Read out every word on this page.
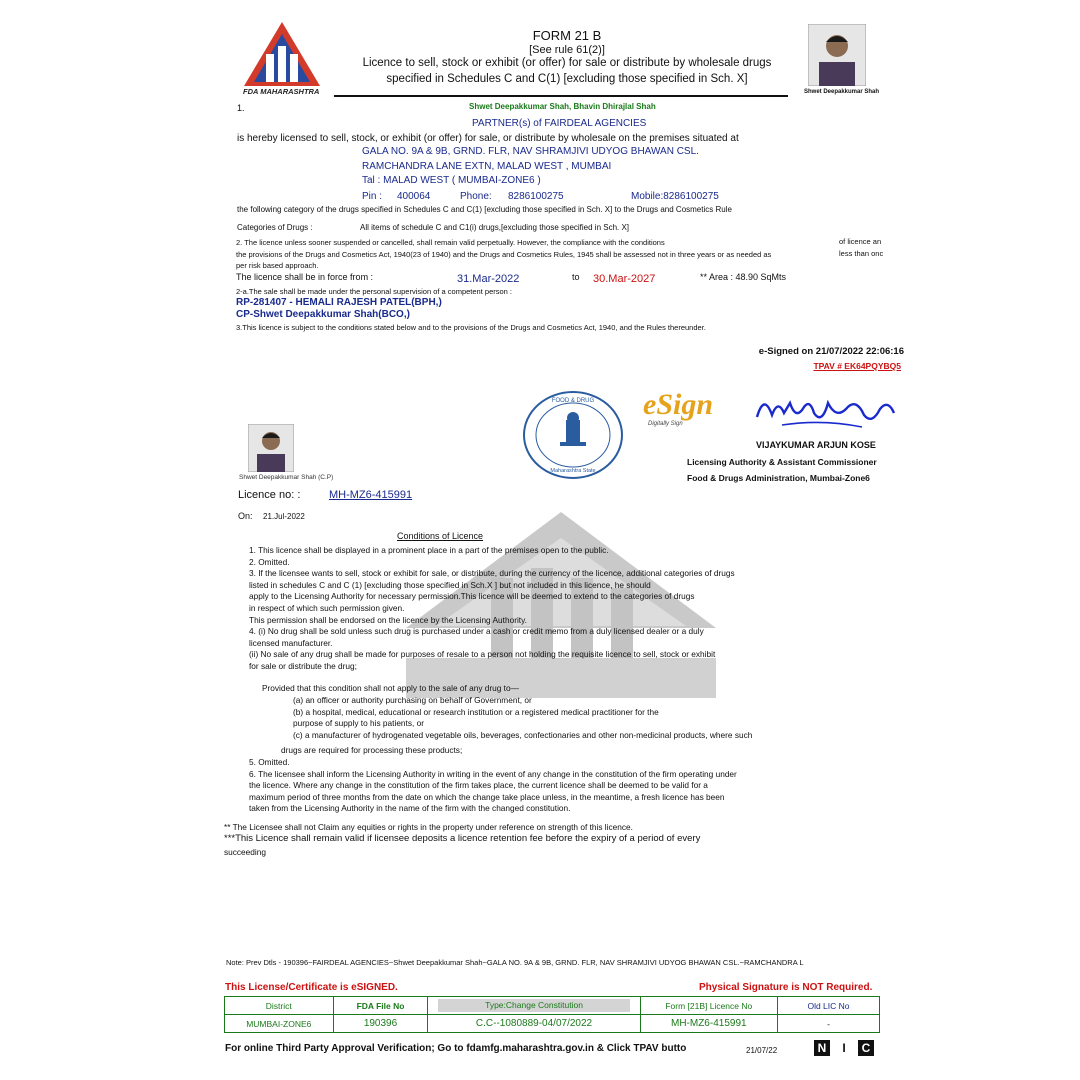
FDA MAHARASHTRA
FORM 21 B
[See rule 61(2)]
Licence to sell, stock or exhibit (or offer) for sale or distribute by wholesale drugs
specified in Schedules C and C(1) [excluding those specified in Sch. X]
Shwet Deepakkumar Shah
1.	Shwet Deepakkumar Shah, Bhavin Dhirajlal Shah
PARTNER(s) of FAIRDEAL AGENCIES
is hereby licensed to sell, stock, or exhibit (or offer) for sale, or distribute by wholesale on the premises situated at
GALA NO. 9A & 9B, GRND. FLR, NAV SHRAMJIVI UDYOG BHAWAN CSL.
RAMCHANDRA LANE EXTN, MALAD WEST , MUMBAI
Tal : MALAD WEST ( MUMBAI-ZONE6 )
Pin : 400064	Phone: 8286100275	Mobile:8286100275
the following category of the drugs specified in Schedules C and C(1) [excluding those specified in Sch. X] to the Drugs and Cosmetics Rule
Categories of Drugs :	All items of schedule C and C1(i) drugs,[excluding those specified in Sch. X]
2. The licence unless sooner suspended or cancelled, shall remain valid perpetually. However, the compliance with the conditions	of licence an
the provisions of the Drugs and Cosmetics Act, 1940(23 of 1940) and the Drugs and Cosmetics Rules, 1945 shall be assessed not in three years or as needed as	less than onc
per risk based approach.
The licence shall be in force from :	31.Mar-2022	to 30.Mar-2027	** Area : 48.90 SqMts
2-a.The sale shall be made under the personal supervision of a competent person :
RP-281407 - HEMALI RAJESH PATEL(BPH,)
CP-Shwet Deepakkumar Shah(BCO,)
3.This licence is subject to the conditions stated below and to the provisions of the Drugs and Cosmetics Act, 1940, and the Rules thereunder.
e-Signed on 21/07/2022 22:06:16
TPAV # EK64PQYBQ5
FOOD & DRUG
Maharashtra State
eSign
Digitally Sign
VIJAYKUMAR ARJUN KOSE
Licensing Authority & Assistant Commissioner
Food & Drugs Administration, Mumbai-Zone6
Shwet Deepakkumar Shah (C.P)
Licence no: :	MH-MZ6-415991
On: 21.Jul-2022
Conditions of Licence
1. This licence shall be displayed in a prominent place in a part of the premises open to the public.
2. Omitted.
3. If the licensee wants to sell, stock or exhibit for sale, or distribute, during the currency of the licence, additional categories of drugs
listed in schedules C and C (1) [excluding those specified in Sch.X ] but not included in this licence, he should
apply to the Licensing Authority for necessary permission.This licence will be deemed to extend to the categories of drugs
in respect of which such permission given.
This permission shall be endorsed on the licence by the Licensing Authority.
4. (i) No drug shall be sold unless such drug is purchased under a cash or credit memo from a duly licensed dealer or a duly
licensed manufacturer.
(ii) No sale of any drug shall be made for purposes of resale to a person not holding the requisite licence to sell, stock or exhibit
for sale or distribute the drug;
Provided that this condition shall not apply to the sale of any drug to—
(a) an officer or authority purchasing on behalf of Government, or
(b) a hospital, medical, educational or research institution or a registered medical practitioner for the
purpose of supply to his patients, or
(c) a manufacturer of hydrogenated vegetable oils, beverages, confectionaries and other non-medicinal products, where such
drugs are required for processing these products;
5. Omitted.
6. The licensee shall inform the Licensing Authority in writing in the event of any change in the constitution of the firm operating under
the licence. Where any change in the constitution of the firm takes place, the current licence shall be deemed to be valid for a
maximum period of three months from the date on which the change take place unless, in the meantime, a fresh licence has been
taken from the Licensing Authority in the name of the firm with the changed constitution.
** The Licensee shall not Claim any equities or rights in the property under reference on strength of this licence.
***This Licence shall remain valid if licensee deposits a licence retention fee before the expiry of a period of every
succeeding
Note: Prev Dtls - 190396~FAIRDEAL AGENCIES~Shwet Deepakkumar Shah~GALA NO. 9A & 9B, GRND. FLR, NAV SHRAMJIVI UDYOG BHAWAN CSL.~RAMCHANDRA L
This License/Certificate is eSIGNED.	Physical Signature is NOT Required.
District	FDA File No	Type:Change Constitution	Form [21B] Licence No	Old LIC No
MUMBAI-ZONE6	190396	C.C--1080889-04/07/2022	MH-MZ6-415991	-
For online Third Party Approval Verification; Go to fdamfg.maharashtra.gov.in & Click TPAV butto	21/07/22	N	I	C
